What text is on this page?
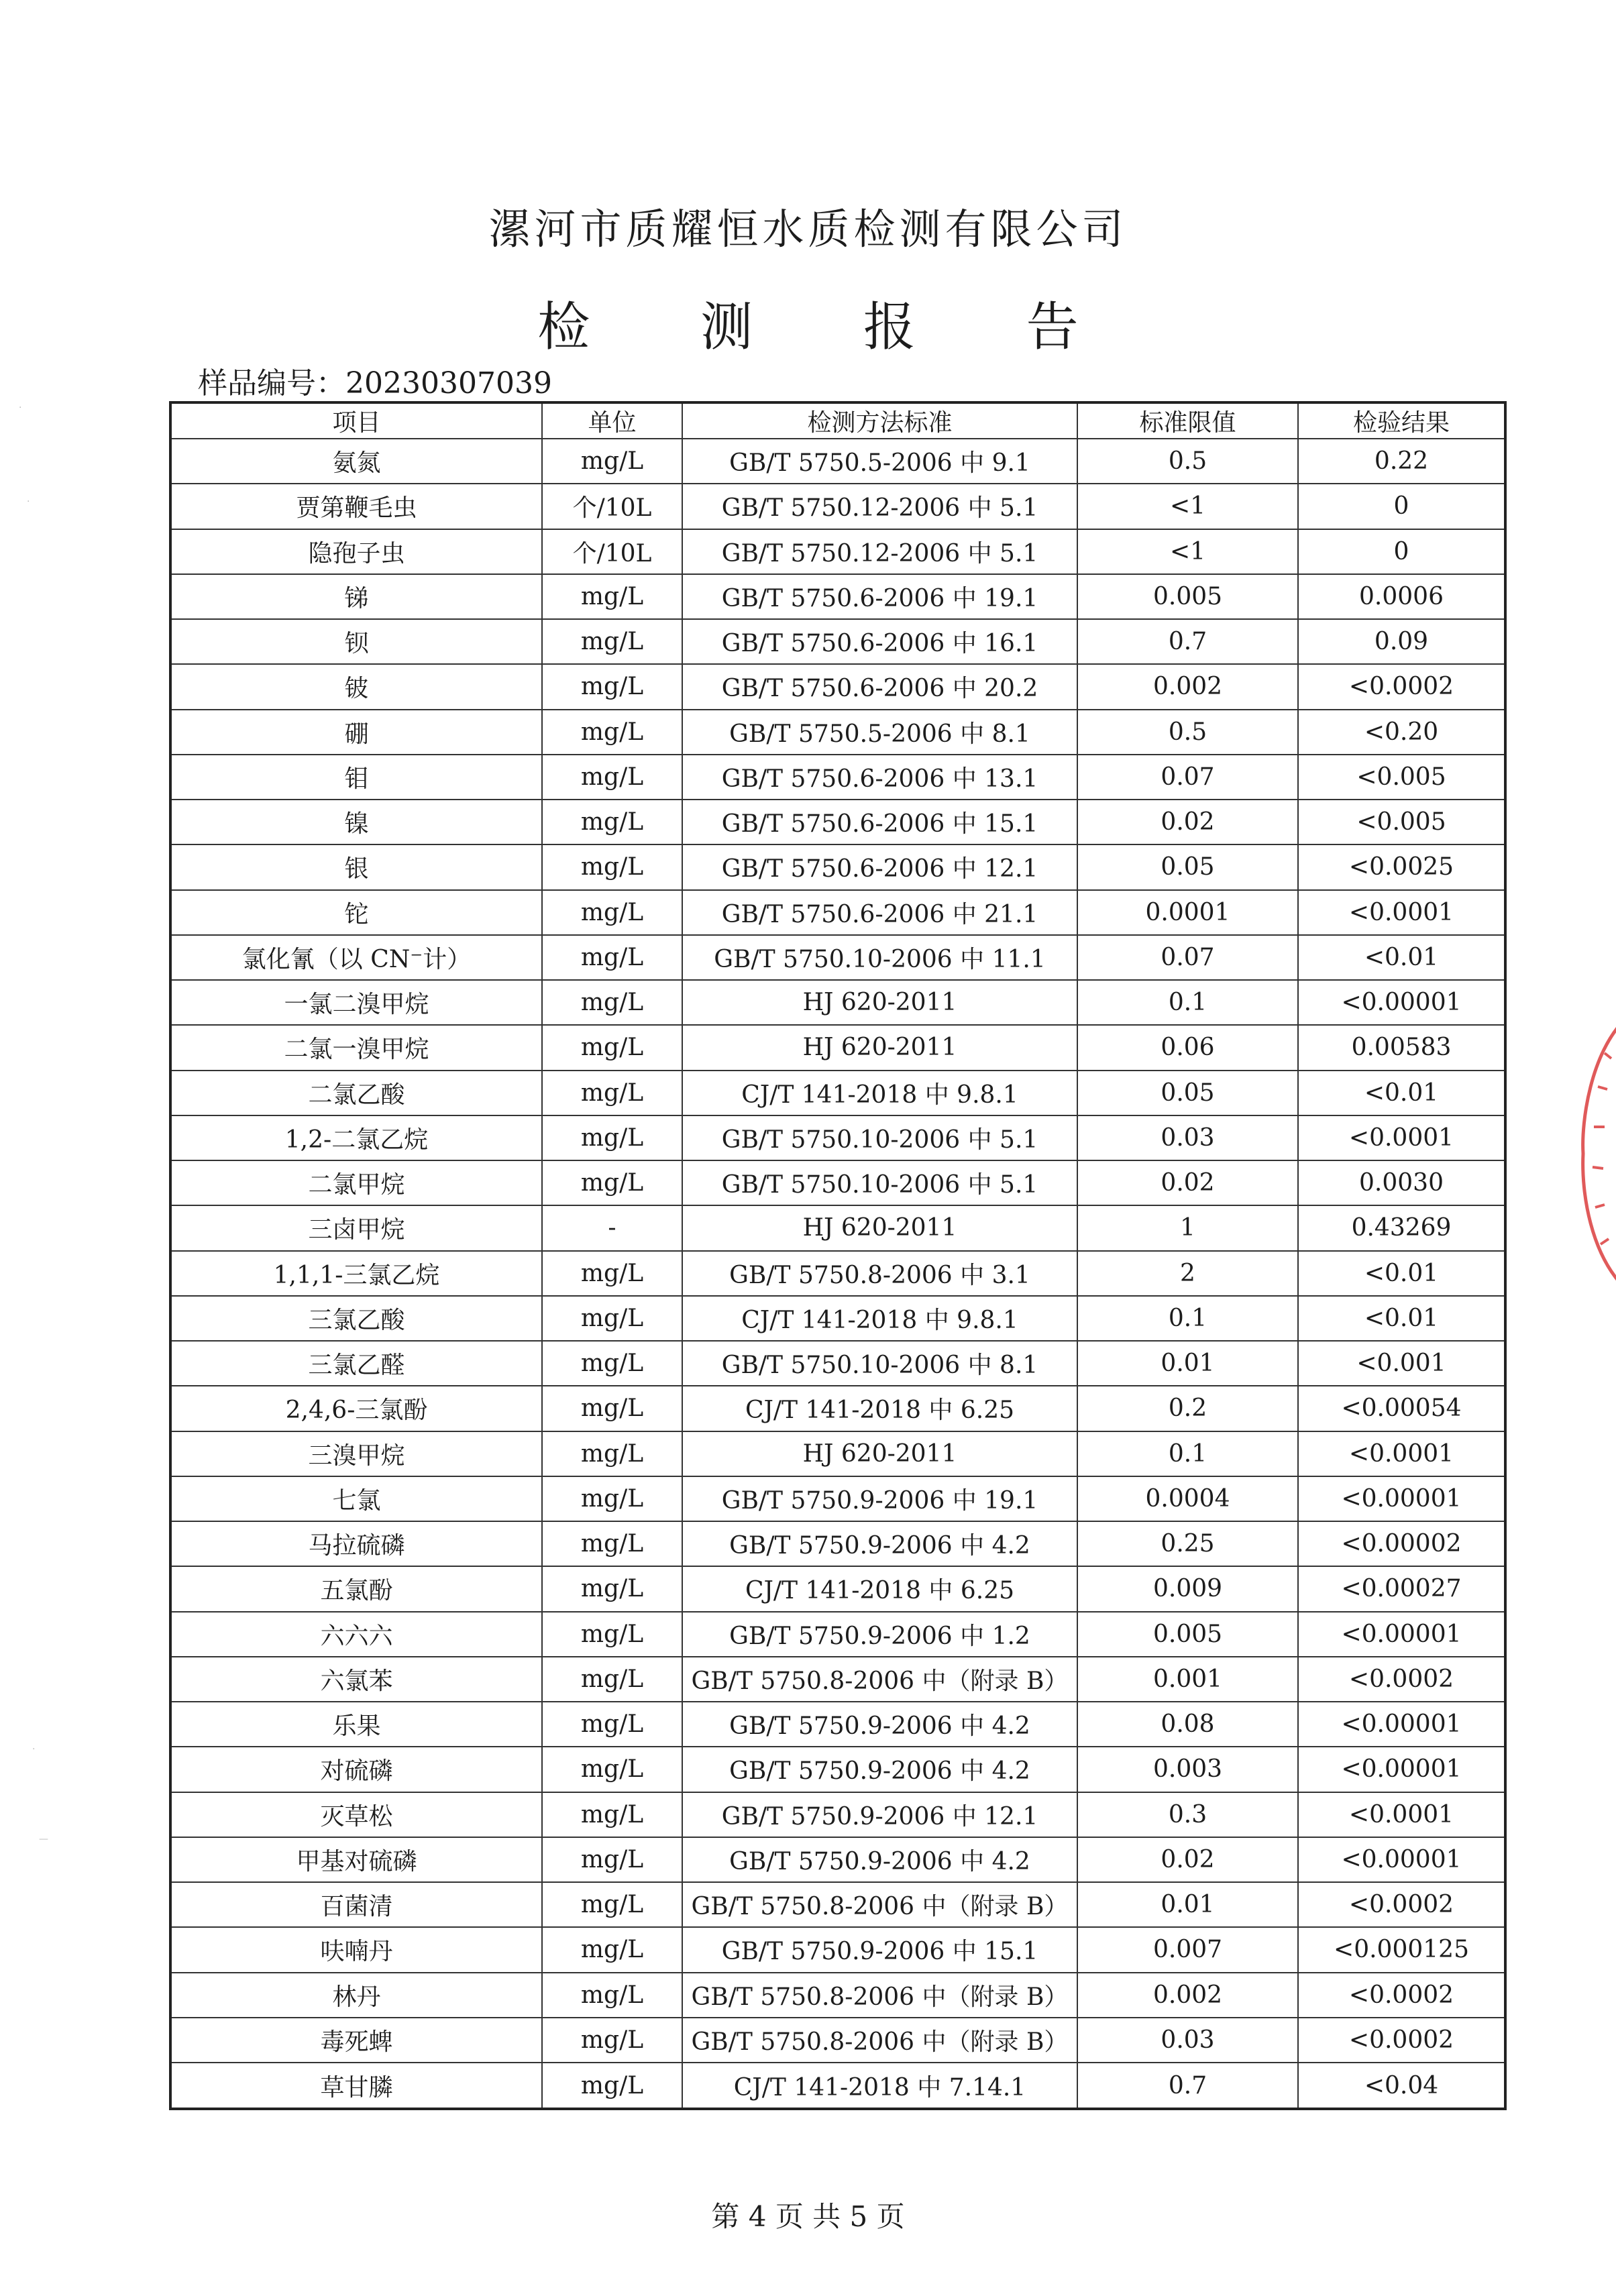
漯河市质耀恒水质检测有限公司
检 测 报 告
样品编号：20230307039
项目	单位	检测方法标准	标准限值	检验结果
氨氮	mg/L	GB/T 5750.5-2006 中 9.1	0.5	0.22
贾第鞭毛虫	个/10L	GB/T 5750.12-2006 中 5.1	<1	0
隐孢子虫	个/10L	GB/T 5750.12-2006 中 5.1	<1	0
锑	mg/L	GB/T 5750.6-2006 中 19.1	0.005	0.0006
钡	mg/L	GB/T 5750.6-2006 中 16.1	0.7	0.09
铍	mg/L	GB/T 5750.6-2006 中 20.2	0.002	<0.0002
硼	mg/L	GB/T 5750.5-2006 中 8.1	0.5	<0.20
钼	mg/L	GB/T 5750.6-2006 中 13.1	0.07	<0.005
镍	mg/L	GB/T 5750.6-2006 中 15.1	0.02	<0.005
银	mg/L	GB/T 5750.6-2006 中 12.1	0.05	<0.0025
铊	mg/L	GB/T 5750.6-2006 中 21.1	0.0001	<0.0001
氯化氰（以 CN⁻计）	mg/L	GB/T 5750.10-2006 中 11.1	0.07	<0.01
一氯二溴甲烷	mg/L	HJ 620-2011	0.1	<0.00001
二氯一溴甲烷	mg/L	HJ 620-2011	0.06	0.00583
二氯乙酸	mg/L	CJ/T 141-2018 中 9.8.1	0.05	<0.01
1,2-二氯乙烷	mg/L	GB/T 5750.10-2006 中 5.1	0.03	<0.0001
二氯甲烷	mg/L	GB/T 5750.10-2006 中 5.1	0.02	0.0030
三卤甲烷	-	HJ 620-2011	1	0.43269
1,1,1-三氯乙烷	mg/L	GB/T 5750.8-2006 中 3.1	2	<0.01
三氯乙酸	mg/L	CJ/T 141-2018 中 9.8.1	0.1	<0.01
三氯乙醛	mg/L	GB/T 5750.10-2006 中 8.1	0.01	<0.001
2,4,6-三氯酚	mg/L	CJ/T 141-2018 中 6.25	0.2	<0.00054
三溴甲烷	mg/L	HJ 620-2011	0.1	<0.0001
七氯	mg/L	GB/T 5750.9-2006 中 19.1	0.0004	<0.00001
马拉硫磷	mg/L	GB/T 5750.9-2006 中 4.2	0.25	<0.00002
五氯酚	mg/L	CJ/T 141-2018 中 6.25	0.009	<0.00027
六六六	mg/L	GB/T 5750.9-2006 中 1.2	0.005	<0.00001
六氯苯	mg/L	GB/T 5750.8-2006 中（附录 B）	0.001	<0.0002
乐果	mg/L	GB/T 5750.9-2006 中 4.2	0.08	<0.00001
对硫磷	mg/L	GB/T 5750.9-2006 中 4.2	0.003	<0.00001
灭草松	mg/L	GB/T 5750.9-2006 中 12.1	0.3	<0.0001
甲基对硫磷	mg/L	GB/T 5750.9-2006 中 4.2	0.02	<0.00001
百菌清	mg/L	GB/T 5750.8-2006 中（附录 B）	0.01	<0.0002
呋喃丹	mg/L	GB/T 5750.9-2006 中 15.1	0.007	<0.000125
林丹	mg/L	GB/T 5750.8-2006 中（附录 B）	0.002	<0.0002
毒死蜱	mg/L	GB/T 5750.8-2006 中（附录 B）	0.03	<0.0002
草甘膦	mg/L	CJ/T 141-2018 中 7.14.1	0.7	<0.04
·
·
·
—
第 4 页 共 5 页
